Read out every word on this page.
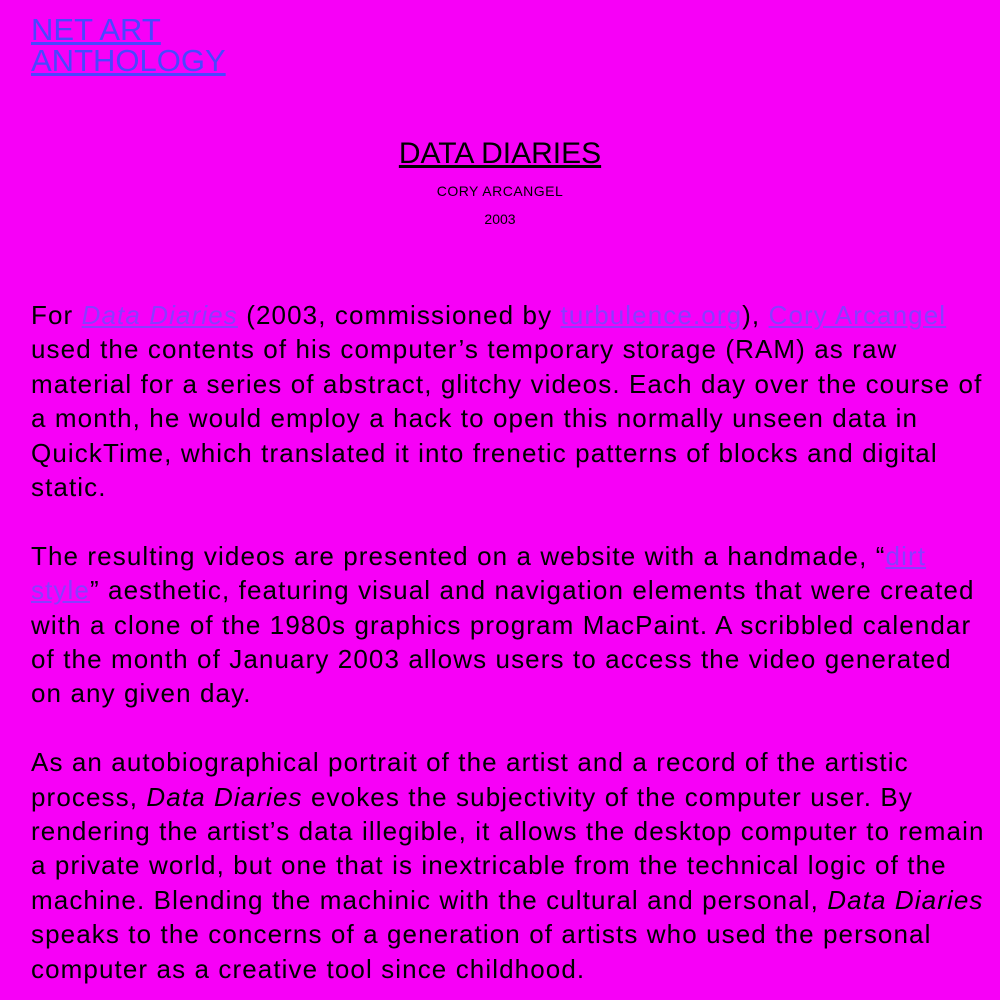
NET ART
ANTHOLOGY
DATA DIARIES
CORY ARCANGEL
2003

For Data Diaries (2003, commissioned by turbulence.org), Cory Arcangel used the contents of his computer’s temporary storage (RAM) as raw material for a series of abstract, glitchy videos. Each day over the course of a month, he would employ a hack to open this normally unseen data in QuickTime, which translated it into frenetic patterns of blocks and digital static.

The resulting videos are presented on a website with a handmade, “dirt style” aesthetic, featuring visual and navigation elements that were created with a clone of the 1980s graphics program MacPaint. A scribbled calendar of the month of January 2003 allows users to access the video generated on any given day.

As an autobiographical portrait of the artist and a record of the artistic process, Data Diaries evokes the subjectivity of the computer user. By rendering the artist’s data illegible, it allows the desktop computer to remain a private world, but one that is inextricable from the technical logic of the machine. Blending the machinic with the cultural and personal, Data Diaries speaks to the concerns of a generation of artists who used the personal computer as a creative tool since childhood.
